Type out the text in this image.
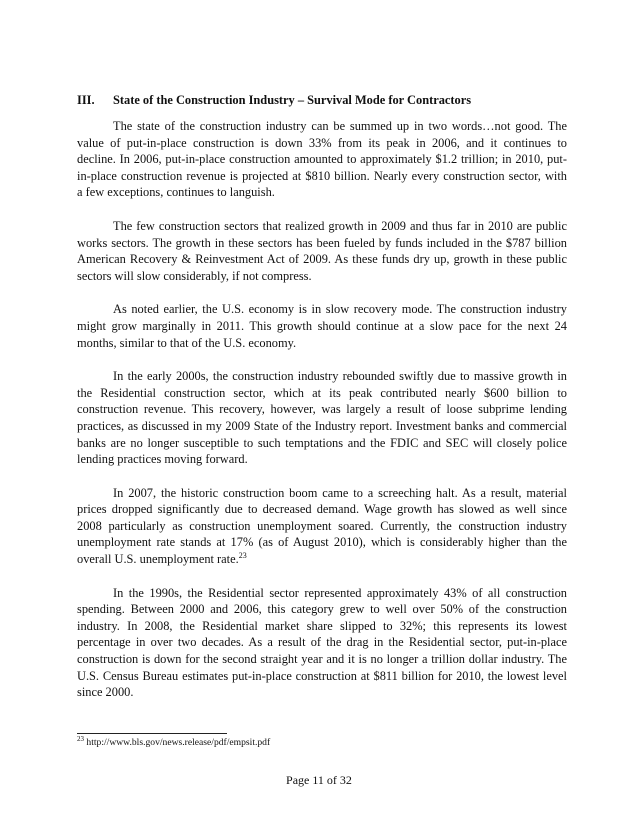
III. State of the Construction Industry – Survival Mode for Contractors

The state of the construction industry can be summed up in two words…not good. The
value of put-in-place construction is down 33% from its peak in 2006, and it continues to
decline. In 2006, put-in-place construction amounted to approximately $1.2 trillion; in 2010, put-
in-place construction revenue is projected at $810 billion. Nearly every construction sector, with
a few exceptions, continues to languish.

The few construction sectors that realized growth in 2009 and thus far in 2010 are public
works sectors. The growth in these sectors has been fueled by funds included in the $787 billion
American Recovery & Reinvestment Act of 2009. As these funds dry up, growth in these public
sectors will slow considerably, if not compress.

As noted earlier, the U.S. economy is in slow recovery mode. The construction industry
might grow marginally in 2011. This growth should continue at a slow pace for the next 24
months, similar to that of the U.S. economy.

In the early 2000s, the construction industry rebounded swiftly due to massive growth in
the Residential construction sector, which at its peak contributed nearly $600 billion to
construction revenue. This recovery, however, was largely a result of loose subprime lending
practices, as discussed in my 2009 State of the Industry report. Investment banks and commercial
banks are no longer susceptible to such temptations and the FDIC and SEC will closely police
lending practices moving forward.

In 2007, the historic construction boom came to a screeching halt. As a result, material
prices dropped significantly due to decreased demand. Wage growth has slowed as well since
2008 particularly as construction unemployment soared. Currently, the construction industry
unemployment rate stands at 17% (as of August 2010), which is considerably higher than the
overall U.S. unemployment rate.$^{23}$

In the 1990s, the Residential sector represented approximately 43% of all construction
spending. Between 2000 and 2006, this category grew to well over 50% of the construction
industry. In 2008, the Residential market share slipped to 32%; this represents its lowest
percentage in over two decades. As a result of the drag in the Residential sector, put-in-place
construction is down for the second straight year and it is no longer a trillion dollar industry. The
U.S. Census Bureau estimates put-in-place construction at $811 billion for 2010, the lowest level
since 2000.

$^{23}$ http://www.bls.gov/news.release/pdf/empsit.pdf
Page 11 of 32
